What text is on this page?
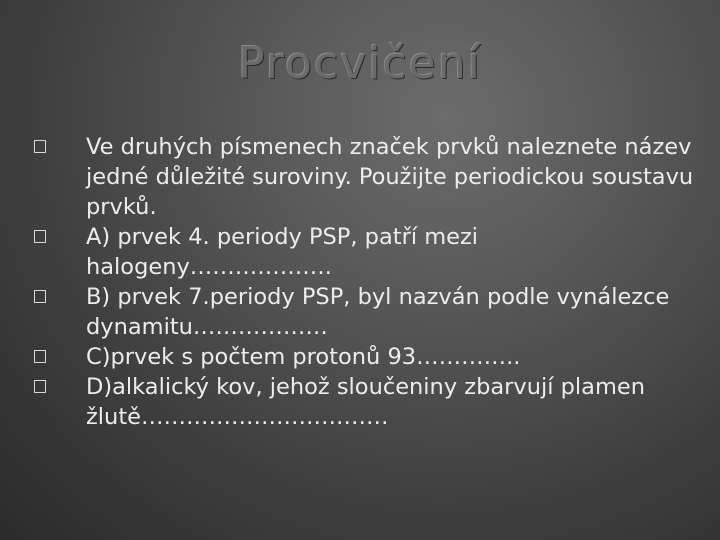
Procvičení
Ve druhých písmenech značek prvků naleznete název jedné důležité suroviny. Použijte periodickou soustavu prvků.
A) prvek 4. periody PSP, patří mezi halogeny……………….
B) prvek 7.periody PSP, byl nazván podle vynálezce dynamitu………………
C)prvek s počtem protonů 93…………..
D)alkalický kov, jehož sloučeniny zbarvují plamen žlutě……………………………
